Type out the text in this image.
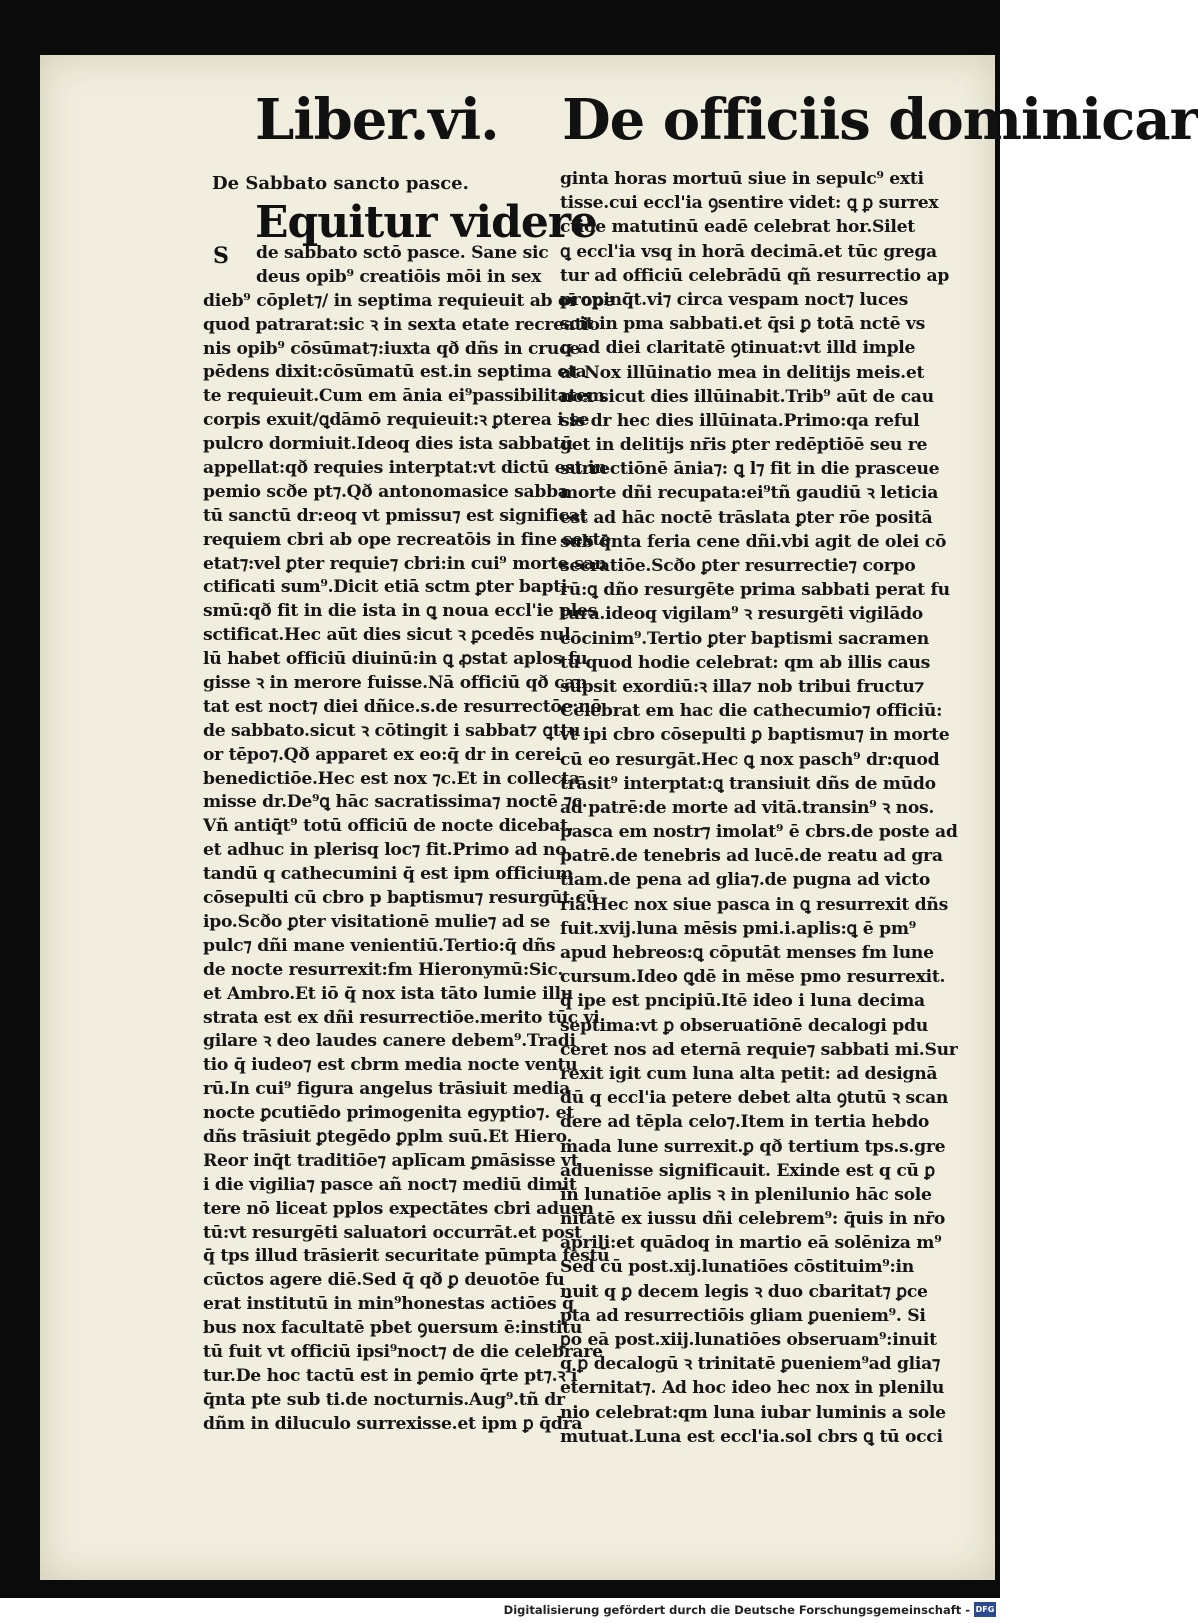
Liber.vi. De officiis dominicar
De Sabbato sancto pasce.
Equitur videre
S	de sabbato sctō pasce. Sane sic
deus opib⁹ creatiōis mōi in sex
dieb⁹ cōplet⁊/ in septima requieuit ab oī ope
quod patrarat:sic ꝛ in sexta etate recreatio
nis opib⁹ cōsūmat⁊:iuxta qð dñs in cruce
pēdens dixit:cōsūmatū est.in septima eta
te requieuit.Cum em ānia ei⁹passibilitatem
corpis exuit/ꝗdāmō requieuit:ꝛ ꝑterea i se
pulcro dormiuit.Ideoq̧ dies ista sabbatū
appellat:qð requies interptat:vt dictū est in
pemio scðe pt⁊.Qð antonomasice sabba
tū sanctū dr:eoq̧ vt pmissu⁊ est significat
requiem cbri ab ope recreatōis in fine sexte
etat⁊:vel ꝑter requie⁊ cbri:in cui⁹ morte san
ctificati sum⁹.Dicit etiā sctm ꝑter bapti
smū:qð fit in die ista in ꝗ noua eccl'ie ples
sctificat.Hec aūt dies sicut ꝛ ꝑcedēs nul
lū habet officiū diuinū:in ꝗ ꝓstat aplos fu
gisse ꝛ in merore fuisse.Nā officiū qð can
tat est noct⁊ diei dñice.s.de resurrectōe:nō
de sabbato.sicut ꝛ cōtingit i sabbat⁊ ꝗttu
or tēpo⁊.Qð apparet ex eo:q̄ dr in cerei
benedictiōe.Hec est nox ⁊c.Et in collecta
misse dr.De⁹ꝗ hāc sacratissima⁊ noctē ⁊c.
Vñ antiq̄t⁹ totū officiū de nocte dicebat.
et adhuc in plerisq̧ loc⁊ fit.Primo ad no
tandū q̧ cathecumini q̄ est ipm officium
cōsepulti cū cbro p baptismu⁊ resurgūt cū
ipo.Scðo ꝑter visitationē mulie⁊ ad se
pulc⁊ dñi mane venientiū.Tertio:q̄ dñs
de nocte resurrexit:fm Hieronymū:Sic.
et Ambro.Et iō q̄ nox ista tāto lumie illu
strata est ex dñi resurrectiōe.merito tūc vi
gilare ꝛ deo laudes canere debem⁹.Tradi
tio q̄ iudeo⁊ est cbrm media nocte ventu
rū.In cui⁹ figura angelus trāsiuit media
nocte ꝑcutiēdo primogenita egyptio⁊. et
dñs trāsiuit ꝑtegēdo ꝑplm suū.Et Hiero.
Reor inq̄t traditiōe⁊ aplīcam ꝑmāsisse vt
i die vigilia⁊ pasce añ noct⁊ mediū dimit
tere nō liceat pplos expectātes cbri aduen
tū:vt resurgēti saluatori occurrāt.et post
q̄ tps illud trāsierit securitate pūmpta festū
cūctos agere diē.Sed q̄ qð ꝑ deuotōe fu
erat institutū in min⁹honestas actiōes q̄
bus nox facultatē pbet ꝯuersum ē:institu
tū fuit vt officiū ipsi⁹noct⁊ de die celebrare
tur.De hoc tactū est in ꝑemio q̄rte pt⁊.ꝛ i
q̄nta pte sub ti.de nocturnis.Aug⁹.tñ dr
dñm in diluculo surrexisse.et ipm ꝑ q̄dra
ginta horas mortuū siue in sepulc⁹ exti
tisse.cui eccl'ia ꝯsentire videt: ꝗ ꝑ surrex
ctiōe matutinū eadē celebrat hor.Silet
ꝗ eccl'ia vsq̧ in horā decimā.et tūc grega
tur ad officiū celebrādū qñ resurrectio ap
propinq̄t.vi⁊ circa vespam noct⁊ luces
scit in pma sabbati.et q̄si ꝑ totā nctē vs
q̧ ad diei claritatē ꝯtinuat:vt illd imple
at Nox illūinatio mea in delitijs meis.et
nox sicut dies illūinabit.Trib⁹ aūt de cau
sis dr hec dies illūinata.Primo:qa reful
get in delitijs nr̄is ꝑter redēptiōē seu re
surrectiōnē ānia⁊: ꝗ l⁊ fit in die prasceue
morte dñi recupata:ei⁹tñ gaudiū ꝛ leticia
est ad hāc noctē trāslata ꝑter rōe positā
sub q̄nta feria cene dñi.vbi agit de olei cō
secratiōe.Scðo ꝑter resurrectie⁊ corpo
rū:ꝗ dño resurgēte prima sabbati perat fu
tura.ideoq̧ vigilam⁹ ꝛ resurgēti vigilādo
cōcinim⁹.Tertio ꝑter baptismi sacramen
tū quod hodie celebrat: qm ab illis caus
sūpsit exordiū:ꝛ illa⁊ nob tribui fructu⁊
Celebrat em hac die cathecumio⁊ officiū:
vt ipi cbro cōsepulti ꝑ baptismu⁊ in morte
cū eo resurgāt.Hec ꝗ nox pasch⁹ dr:quod
trāsit⁹ interptat:ꝗ transiuit dñs de mūdo
ad patrē:de morte ad vitā.transin⁹ ꝛ nos.
pasca em nostr⁊ imolat⁹ ē cbrs.de poste ad
patrē.de tenebris ad lucē.de reatu ad gra
tiam.de pena ad glia⁊.de pugna ad victo
riā.Hec nox siue pasca in ꝗ resurrexit dñs
fuit.xvij.luna mēsis pmi.i.aplis:ꝗ ē pm⁹
apud hebreos:ꝗ cōputāt menses fm lune
cursum.Ideo ꝗdē in mēse pmo resurrexit.
q̄ ipe est pncipiū.Itē ideo i luna decima
septima:vt ꝑ obseruatiōnē decalogi pdu
ceret nos ad eternā requie⁊ sabbati mi.Sur
rexit igit cum luna alta petit: ad designā
dū q̧ eccl'ia petere debet alta ꝯtutū ꝛ scan
dere ad tēpla celo⁊.Item in tertia hebdo
mada lune surrexit.ꝑ qð tertium tps.s.gre
aduenisse significauit. Exinde est q̧ cū ꝑ
in lunatiōe aplis ꝛ in plenilunio hāc sole
nitatē ex iussu dñi celebrem⁹: q̄uis in nr̄o
aprili:et quādoq̧ in martio eā solēniza m⁹
Sed cū post.xij.lunatiōes cōstituim⁹:in
nuit q̧ ꝑ decem legis ꝛ duo cbaritat⁊ ꝑce
pta ad resurrectiōis gliam ꝑueniem⁹. Si
ꝑo eā post.xiij.lunatiōes obseruam⁹:inuit
q̧ ꝑ decalogū ꝛ trinitatē ꝑueniem⁹ad glia⁊
eternitat⁊. Ad hoc ideo hec nox in plenilu
nio celebrat:qm luna iubar luminis a sole
mutuat.Luna est eccl'ia.sol cbrs ꝗ tū occi
Digitalisierung gefördert durch die Deutsche Forschungsgemeinschaft - DFG
